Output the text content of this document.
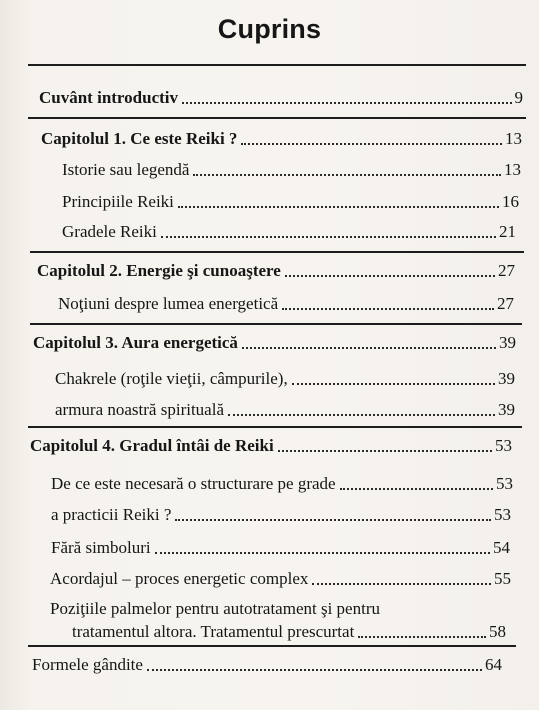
Cuprins
Cuvânt introductiv	9
Capitolul 1. Ce este Reiki ?	13
Istorie sau legendă	13
Principiile Reiki	16
Gradele Reiki	21
Capitolul 2. Energie şi cunoaştere	27
Noţiuni despre lumea energetică	27
Capitolul 3. Aura energetică	39
Chakrele (roţile vieţii, câmpurile),	39
armura noastră spirituală	39
Capitolul 4. Gradul întâi de Reiki	53
De ce este necesară o structurare pe grade	53
a practicii Reiki ?	53
Fără simboluri	54
Acordajul – proces energetic complex	55
Poziţiile palmelor pentru autotratament şi pentru
tratamentul altora. Tratamentul prescurtat	58
Formele gândite	64
